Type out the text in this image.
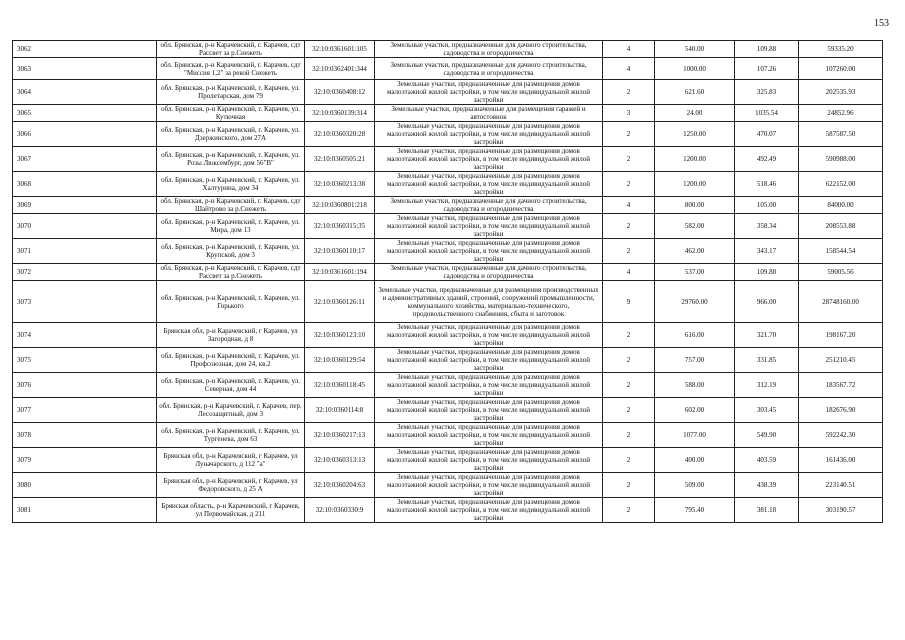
153
3062	обл. Брянская, р-н Карачевский, г. Карачев, сдт Рассвет за р.Снежеть	32:10:0361601:105	Земельные участки, предназначенные для дачного строительства, садоводства и огородничества	4	540.00	109.88	59335.20
3063	обл. Брянская, р-н Карачевский, г. Карачев, сдт "Миссия 1,2" за рекой Снежеть	32:10:0362401:344	Земельные участки, предназначенные для дачного строительства, садоводства и огородничества	4	1000.00	107.26	107260.00
3064	обл. Брянская, р-н Карачевский, г. Карачев, ул. Пролетарская, дом 79	32:10:0360408:12	Земельные участки, предназначенные для размещения домов малоэтажной жилой застройки, в том числе индивидуальной жилой застройки	2	621.60	325.83	202535.93
3065	обл. Брянская, р-н Карачевский, г. Карачев, ул. Кутючная	32:10:0360139:314	Земельные участки, предназначенные для размещения гаражей и автостоянок	3	24.00	1035.54	24852.96
3066	обл. Брянская, р-н Карачевский, г. Карачев, ул. Дзержинского, дом 27А	32:10:0360320:28	Земельные участки, предназначенные для размещения домов малоэтажной жилой застройки, в том числе индивидуальной жилой застройки	2	1250.00	470.07	587587.50
3067	обл. Брянская, р-н Карачевский, г. Карачев, ул. Розы Люксембург, дом 56"В"	32:10:0360505:21	Земельные участки, предназначенные для размещения домов малоэтажной жилой застройки, в том числе индивидуальной жилой застройки	2	1200.00	492.49	590988.00
3068	обл. Брянская, р-н Карачевский, г. Карачев, ул. Халтурина, дом 34	32:10:0360213:38	Земельные участки, предназначенные для размещения домов малоэтажной жилой застройки, в том числе индивидуальной жилой застройки	2	1200.00	518.46	622152.00
3069	обл. Брянская, р-н Карачевский, г. Карачев, сдт Шайтрово за р.Снежеть	32:10:0360801:218	Земельные участки, предназначенные для дачного строительства, садоводства и огородничества	4	800.00	105.00	84000.00
3070	обл. Брянская, р-н Карачевский, г. Карачев, ул. Мира, дом 13	32:10:0360315:35	Земельные участки, предназначенные для размещения домов малоэтажной жилой застройки, в том числе индивидуальной жилой застройки	2	582.00	358.34	208553.88
3071	обл. Брянская, р-н Карачевский, г. Карачев, ул. Крупской, дом 3	32:10:0360110:17	Земельные участки, предназначенные для размещения домов малоэтажной жилой застройки, в том числе индивидуальной жилой застройки	2	462.00	343.17	158544.54
3072	обл. Брянская, р-н Карачевский, г. Карачев, сдт Рассвет за р.Снежеть	32:10:0361601:194	Земельные участки, предназначенные для дачного строительства, садоводства и огородничества	4	537.00	109.88	59005.56
3073	обл. Брянская, р-н Карачевский, г. Карачев, ул. Горького	32:10:0360126:11	Земельные участки, предназначенные для размещения производственных и административных зданий, строений, сооружений промышленности, коммунального хозяйства, материально-технического, продовольственного снабжения, сбыта и заготовок	9	29760.00	966.00	28748160.00
3074	Брянская обл, р-н Карачевский, г Карачев, ул Загородная, д 8	32:10:0360123:10	Земельные участки, предназначенные для размещения домов малоэтажной жилой застройки, в том числе индивидуальной жилой застройки	2	616.00	321.70	198167.20
3075	обл. Брянская, р-н Карачевский, г. Карачев, ул. Профсоюзная, дом 24, кв.2	32:10:0360129:54	Земельные участки, предназначенные для размещения домов малоэтажной жилой застройки, в том числе индивидуальной жилой застройки	2	757.00	331.85	251210.45
3076	обл. Брянская, р-н Карачевский, г. Карачев, ул. Северная, дом 44	32:10:0360118:45	Земельные участки, предназначенные для размещения домов малоэтажной жилой застройки, в том числе индивидуальной жилой застройки	2	588.00	312.19	183567.72
3077	обл. Брянская, р-н Карачевский, г. Карачев, пер. Лесозащитный, дом 3	32:10:0360114:8	Земельные участки, предназначенные для размещения домов малоэтажной жилой застройки, в том числе индивидуальной жилой застройки	2	602.00	303.45	182676.90
3078	обл. Брянская, р-н Карачевский, г. Карачев, ул. Тургенева, дом 63	32:10:0360217:13	Земельные участки, предназначенные для размещения домов малоэтажной жилой застройки, в том числе индивидуальной жилой застройки	2	1077.00	549.90	592242.30
3079	Брянская обл, р-н Карачевский, г Карачев, ул Луначарского, д 112 "а"	32:10:0360313:13	Земельные участки, предназначенные для размещения домов малоэтажной жилой застройки, в том числе индивидуальной жилой застройки	2	400.00	403.59	161436.00
3080	Брянская обл, р-н Карачевский, г Карачев, ул Федоровского, д 25 А	32:10:0360204:63	Земельные участки, предназначенные для размещения домов малоэтажной жилой застройки, в том числе индивидуальной жилой застройки	2	509.00	438.39	223140.51
3081	Брянская область, р-н Карачевский, г Карачев, ул Первомайская, д 211	32:10:0360330:9	Земельные участки, предназначенные для размещения домов малоэтажной жилой застройки, в том числе индивидуальной жилой застройки	2	795.40	381.18	303190.57
